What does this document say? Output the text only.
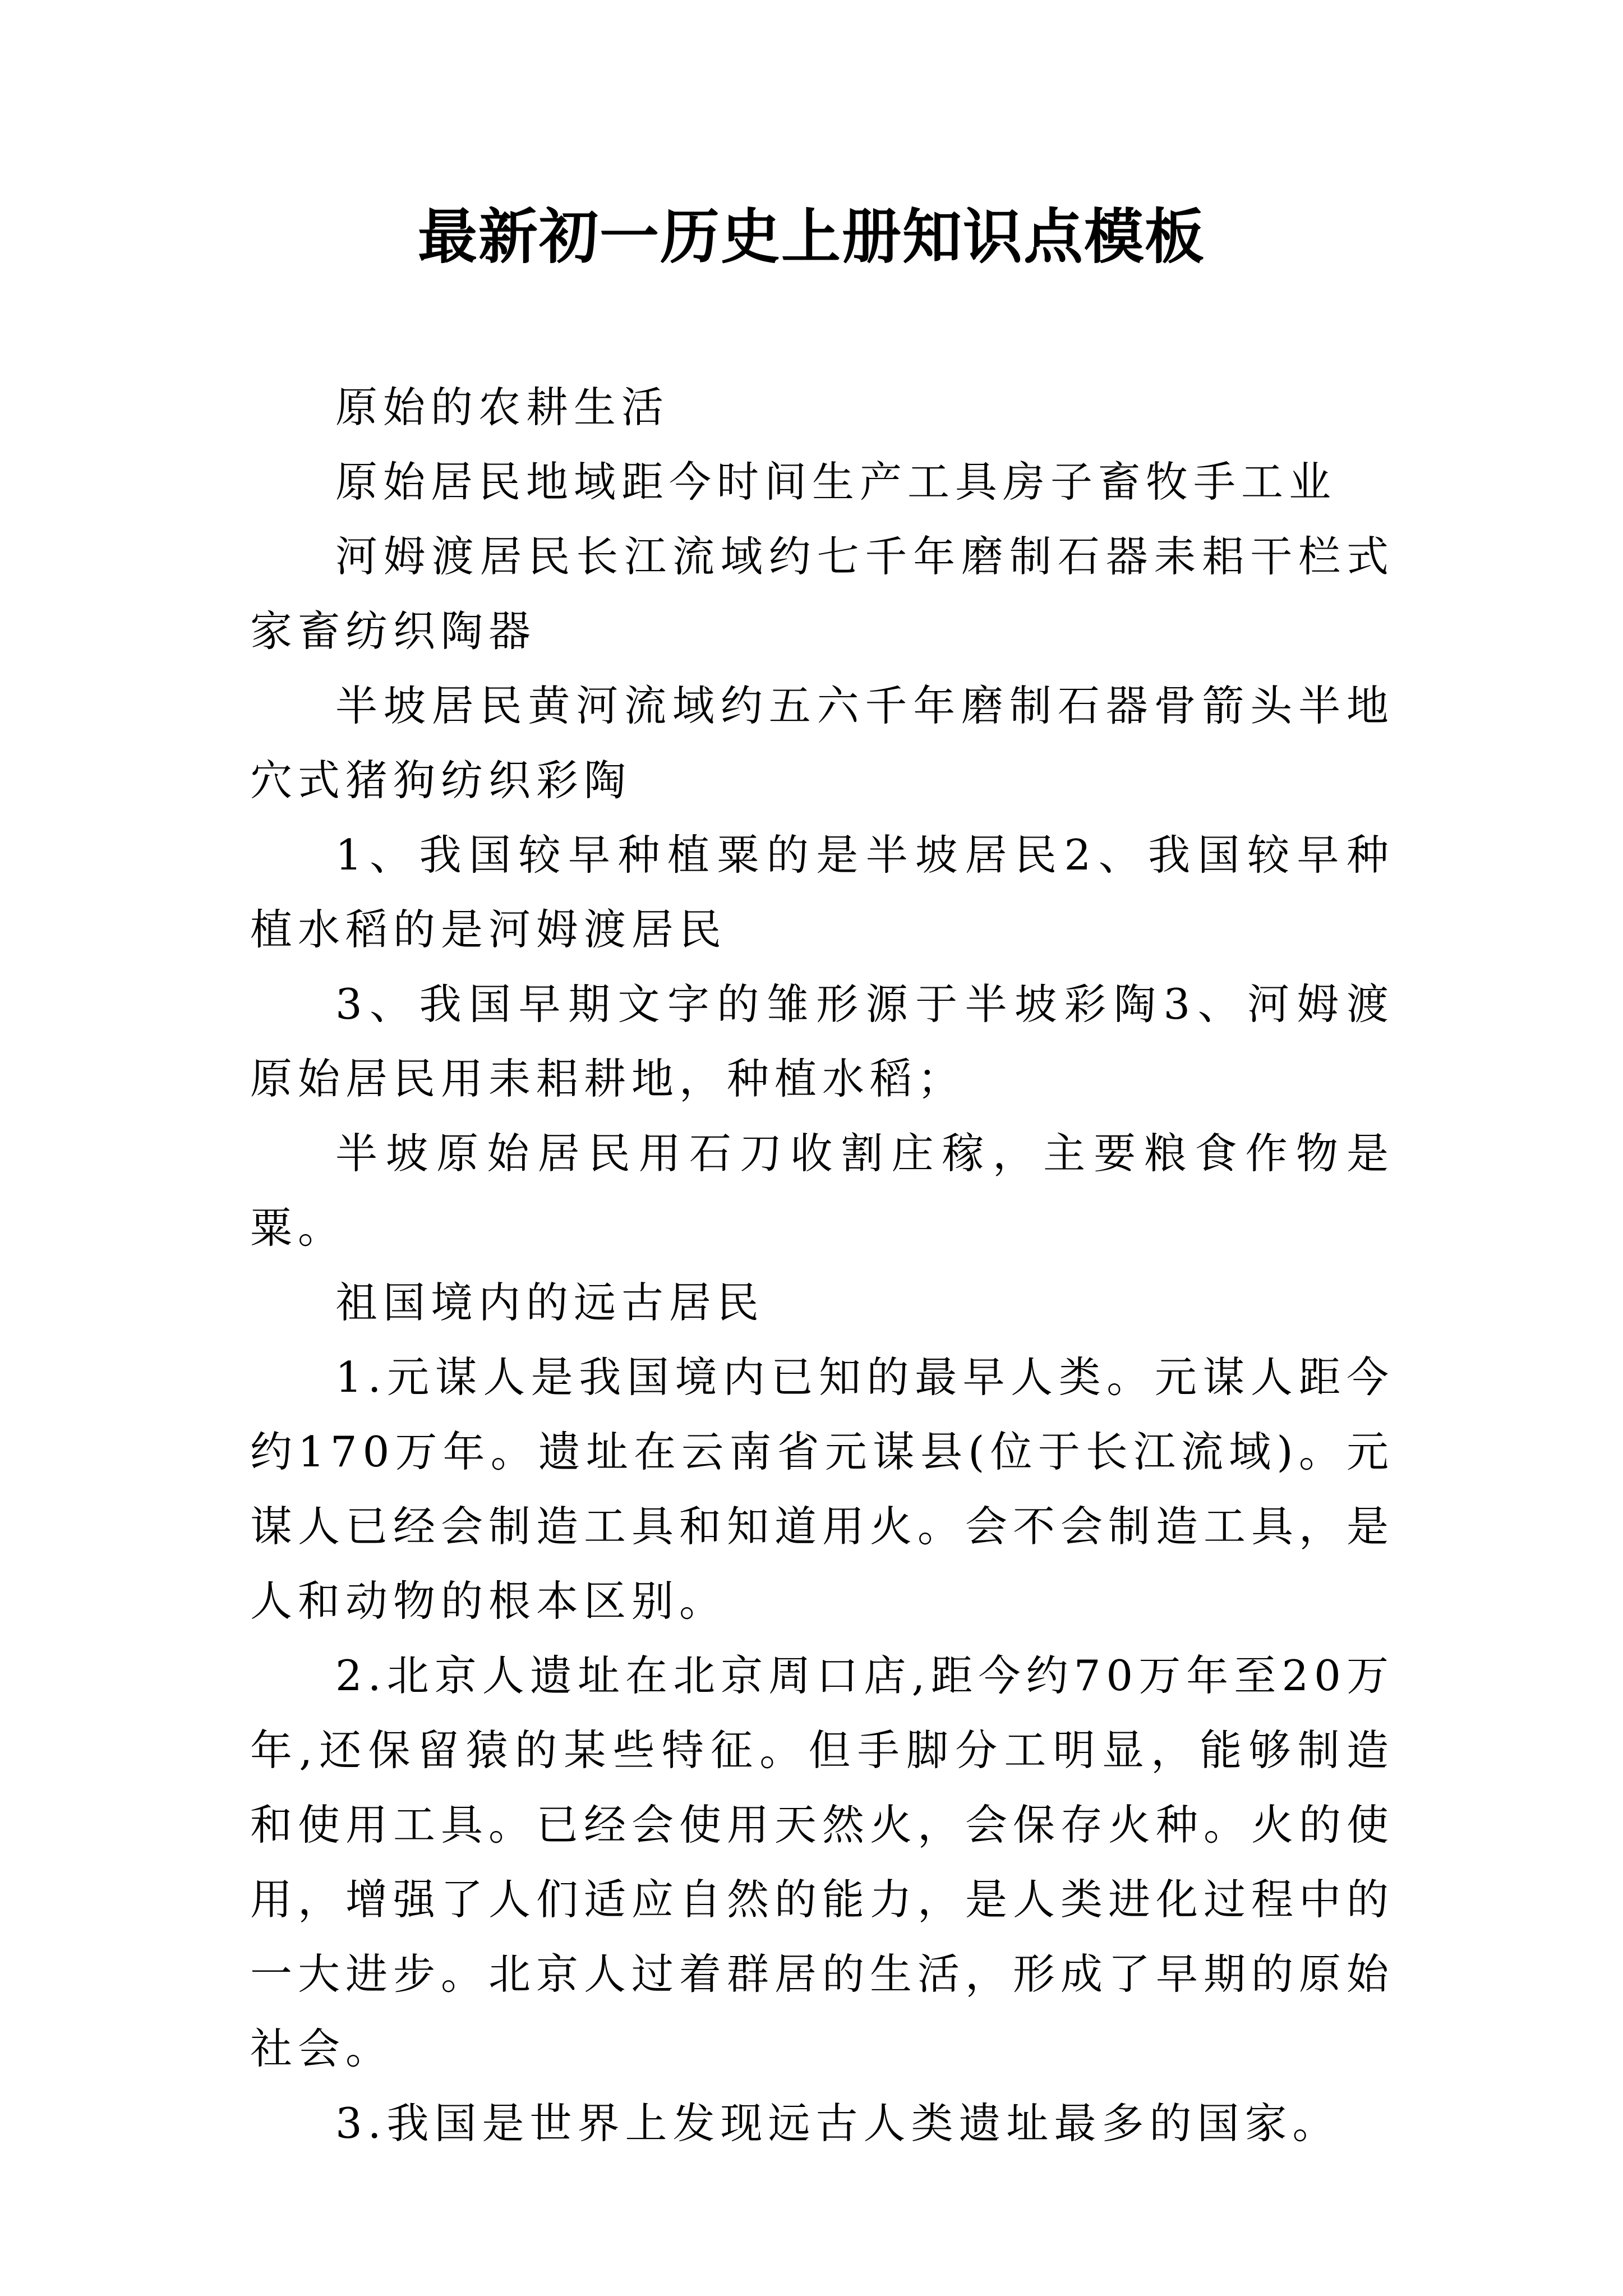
最新初一历史上册知识点模板

原始的农耕生活

原始居民地域距今时间生产工具房子畜牧手工业

河姆渡居民长江流域约七千年磨制石器耒耜干栏式家畜纺织陶器

半坡居民黄河流域约五六千年磨制石器骨箭头半地穴式猪狗纺织彩陶

1、我国较早种植粟的是半坡居民2、我国较早种植水稻的是河姆渡居民

3、我国早期文字的雏形源于半坡彩陶3、河姆渡原始居民用耒耜耕地，种植水稻；

半坡原始居民用石刀收割庄稼，主要粮食作物是粟。

祖国境内的远古居民

1.元谋人是我国境内已知的最早人类。元谋人距今约170万年。遗址在云南省元谋县(位于长江流域)。元谋人已经会制造工具和知道用火。会不会制造工具，是人和动物的根本区别。

2.北京人遗址在北京周口店,距今约70万年至20万年,还保留猿的某些特征。但手脚分工明显，能够制造和使用工具。已经会使用天然火，会保存火种。火的使用，增强了人们适应自然的能力，是人类进化过程中的一大进步。北京人过着群居的生活，形成了早期的原始社会。

3.我国是世界上发现远古人类遗址最多的国家。
